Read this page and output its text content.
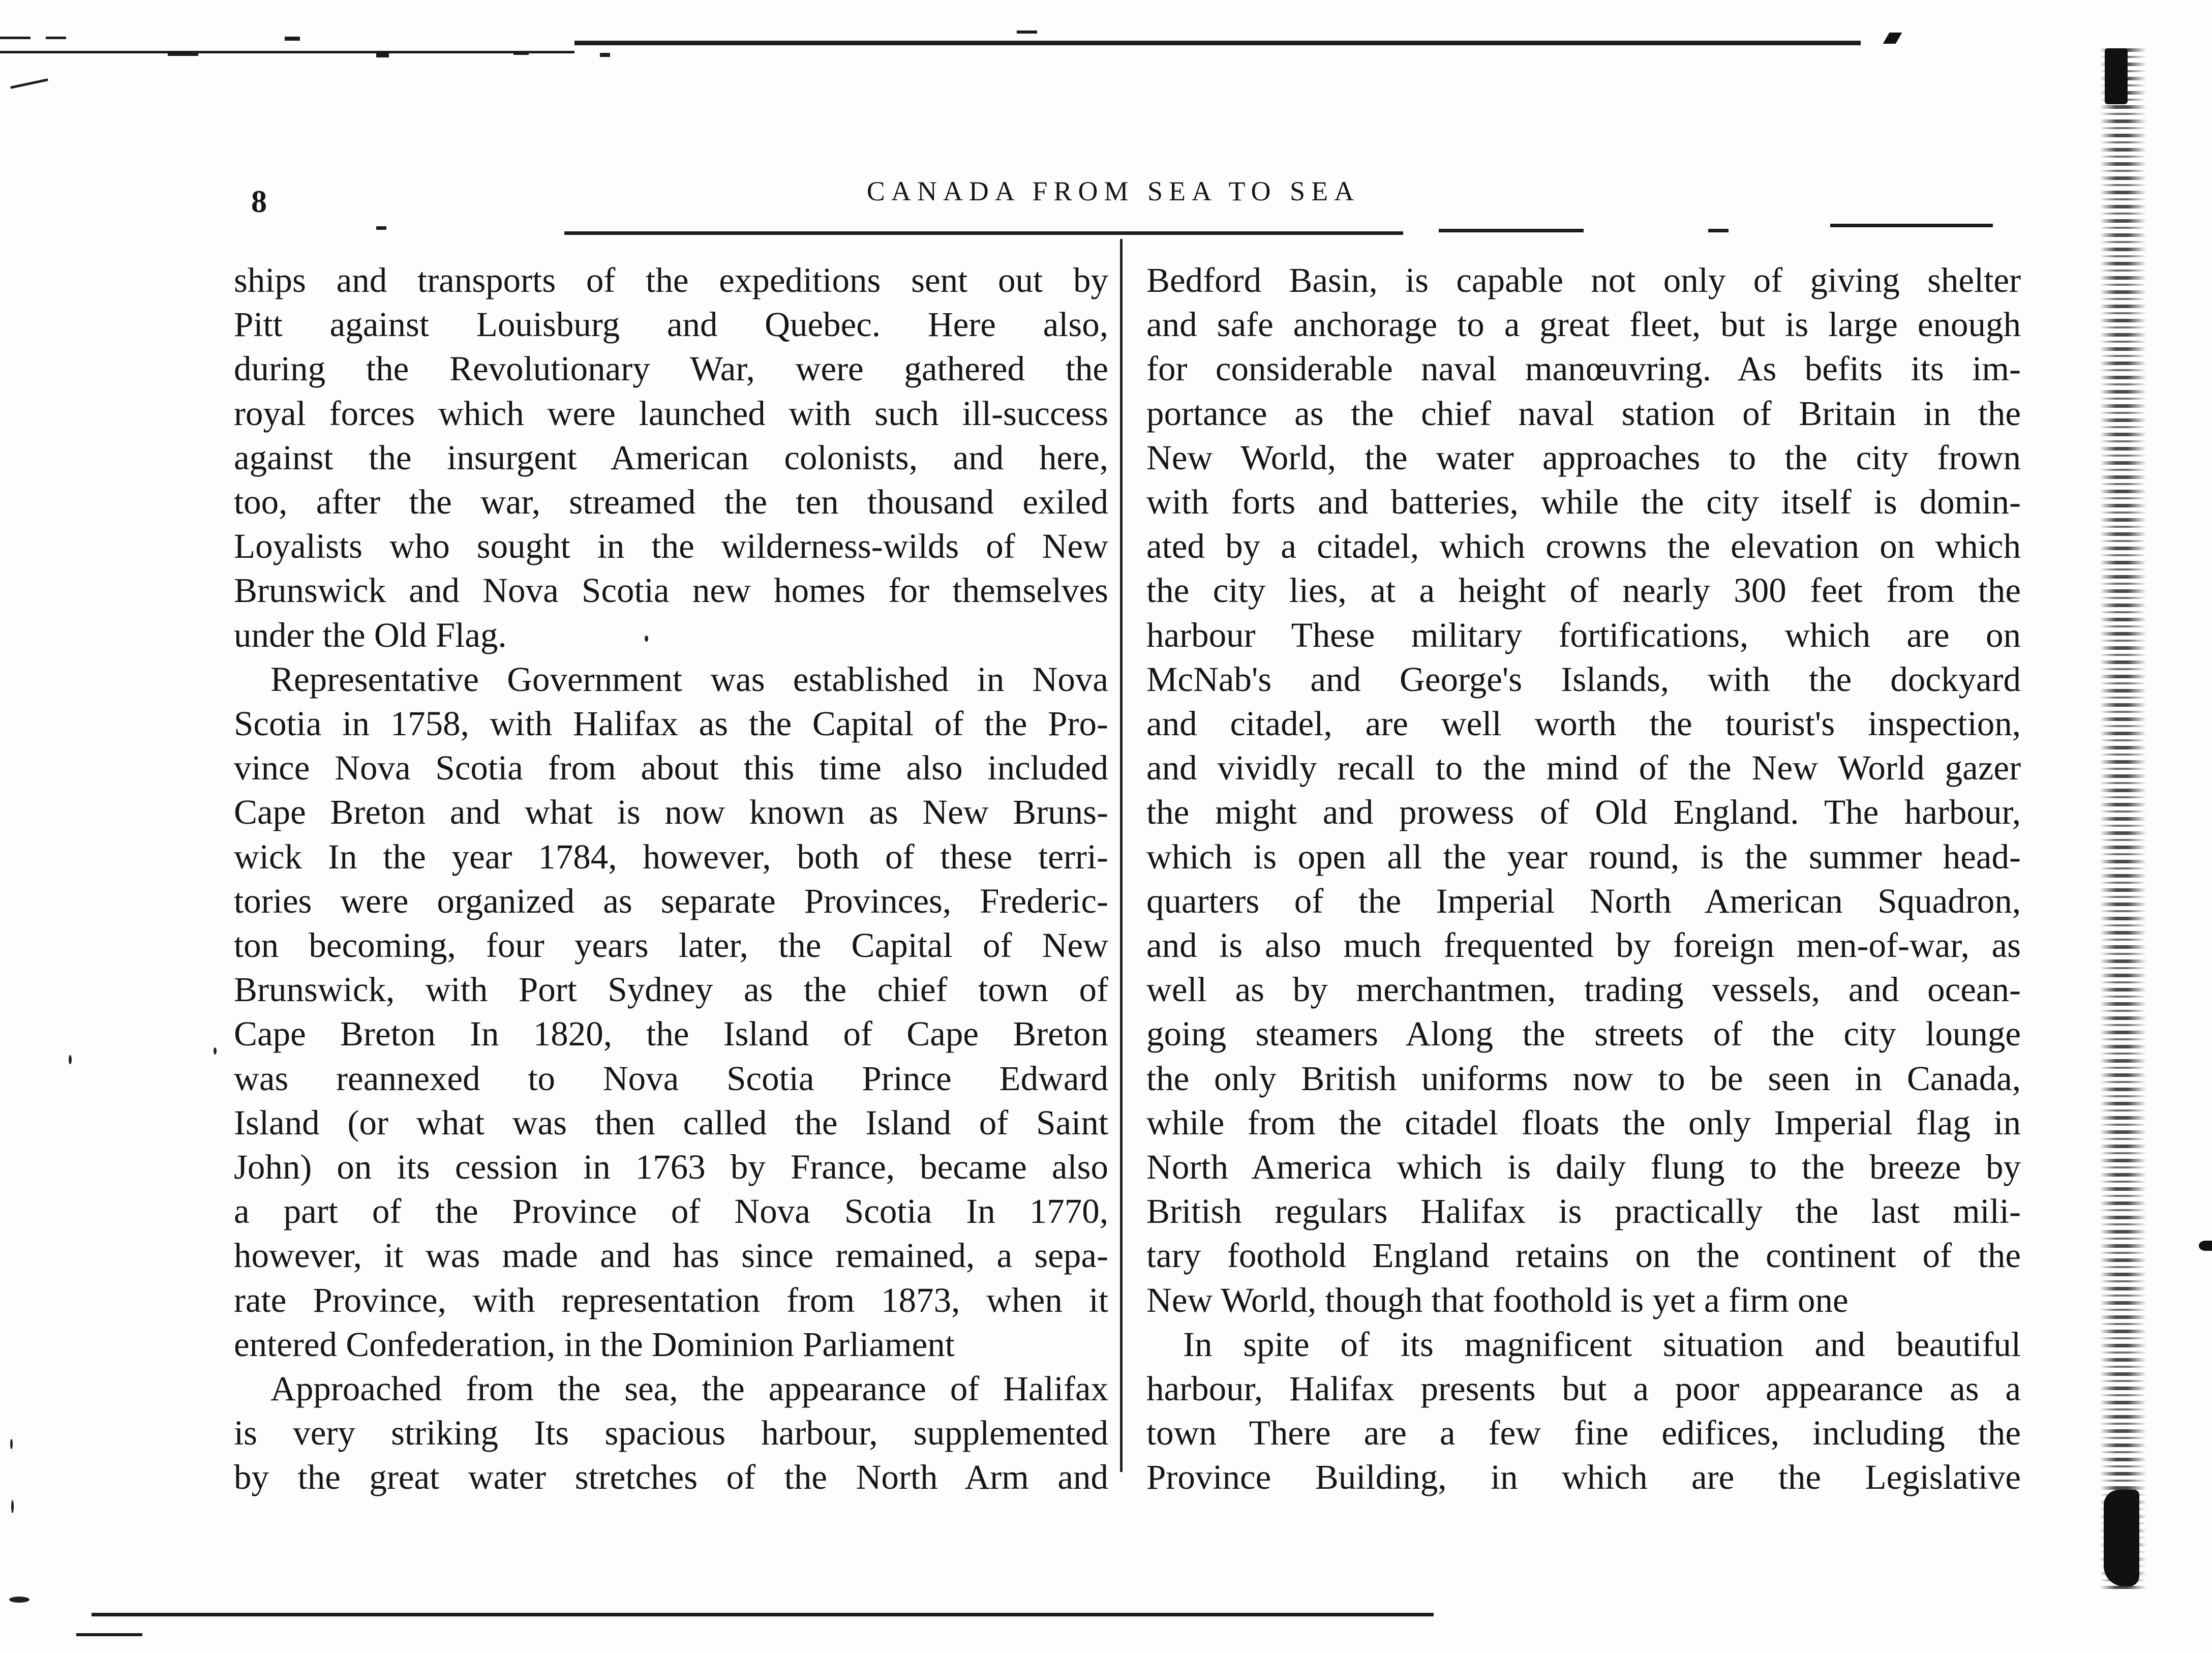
8	CANADA FROM SEA TO SEA

ships and transports of the expeditions sent out by
Pitt against Louisburg and Quebec. Here also,
during the Revolutionary War, were gathered the
royal forces which were launched with such ill-success
against the insurgent American colonists, and here,
too, after the war, streamed the ten thousand exiled
Loyalists who sought in the wilderness-wilds of New
Brunswick and Nova Scotia new homes for themselves
under the Old Flag.

Representative Government was established in Nova
Scotia in 1758, with Halifax as the Capital of the Pro-
vince Nova Scotia from about this time also included
Cape Breton and what is now known as New Bruns-
wick In the year 1784, however, both of these terri-
tories were organized as separate Provinces, Frederic-
ton becoming, four years later, the Capital of New
Brunswick, with Port Sydney as the chief town of
Cape Breton In 1820, the Island of Cape Breton
was reannexed to Nova Scotia Prince Edward
Island (or what was then called the Island of Saint
John) on its cession in 1763 by France, became also
a part of the Province of Nova Scotia In 1770,
however, it was made and has since remained, a sepa-
rate Province, with representation from 1873, when it
entered Confederation, in the Dominion Parliament

Approached from the sea, the appearance of Halifax
is very striking Its spacious harbour, supplemented
by the great water stretches of the North Arm and

Bedford Basin, is capable not only of giving shelter
and safe anchorage to a great fleet, but is large enough
for considerable naval manœuvring. As befits its im-
portance as the chief naval station of Britain in the
New World, the water approaches to the city frown
with forts and batteries, while the city itself is domin-
ated by a citadel, which crowns the elevation on which
the city lies, at a height of nearly 300 feet from the
harbour These military fortifications, which are on
McNab's and George's Islands, with the dockyard
and citadel, are well worth the tourist's inspection,
and vividly recall to the mind of the New World gazer
the might and prowess of Old England. The harbour,
which is open all the year round, is the summer head-
quarters of the Imperial North American Squadron,
and is also much frequented by foreign men-of-war, as
well as by merchantmen, trading vessels, and ocean-
going steamers Along the streets of the city lounge
the only British uniforms now to be seen in Canada,
while from the citadel floats the only Imperial flag in
North America which is daily flung to the breeze by
British regulars Halifax is practically the last mili-
tary foothold England retains on the continent of the
New World, though that foothold is yet a firm one

In spite of its magnificent situation and beautiful
harbour, Halifax presents but a poor appearance as a
town There are a few fine edifices, including the
Province Building, in which are the Legislative
